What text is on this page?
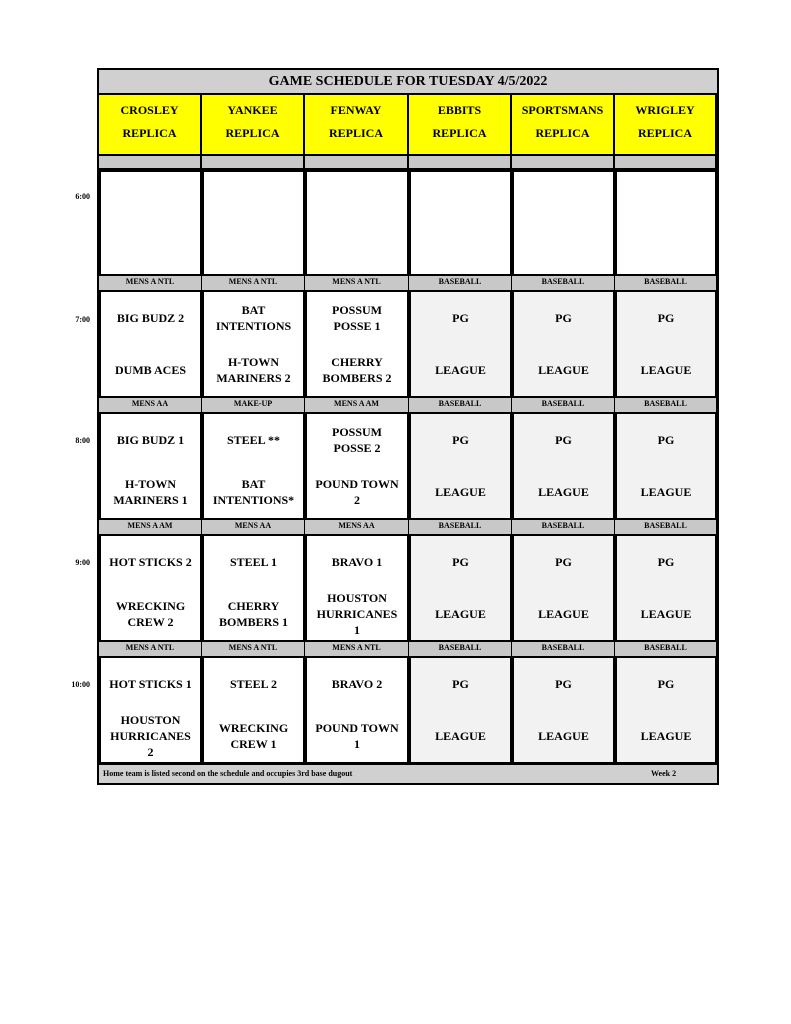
GAME SCHEDULE FOR TUESDAY 4/5/2022
CROSLEY
REPLICA
YANKEE
REPLICA
FENWAY
REPLICA
EBBITS
REPLICA
SPORTSMANS
REPLICA
WRIGLEY
REPLICA
MENS A NTL
BIG BUDZ 2
DUMB ACES
MENS A NTL
BAT INTENTIONS
H-TOWN MARINERS 2
MENS A NTL
POSSUM POSSE 1
CHERRY BOMBERS 2
BASEBALL
PG
LEAGUE
BASEBALL
PG
LEAGUE
BASEBALL
PG
LEAGUE
MENS AA
BIG BUDZ 1
H-TOWN MARINERS 1
MAKE-UP
STEEL **
BAT INTENTIONS*
MENS A AM
POSSUM POSSE 2
POUND TOWN 2
BASEBALL
PG
LEAGUE
BASEBALL
PG
LEAGUE
BASEBALL
PG
LEAGUE
MENS A AM
HOT STICKS 2
WRECKING CREW 2
MENS AA
STEEL 1
CHERRY BOMBERS 1
MENS AA
BRAVO 1
HOUSTON HURRICANES 1
BASEBALL
PG
LEAGUE
BASEBALL
PG
LEAGUE
BASEBALL
PG
LEAGUE
MENS A NTL
HOT STICKS 1
HOUSTON HURRICANES 2
MENS A NTL
STEEL 2
WRECKING CREW 1
MENS A NTL
BRAVO 2
POUND TOWN 1
BASEBALL
PG
LEAGUE
BASEBALL
PG
LEAGUE
BASEBALL
PG
LEAGUE
Home team is listed second on the schedule and occupies 3rd base dugout	Week 2
6:00
7:00
8:00
9:00
10:00
